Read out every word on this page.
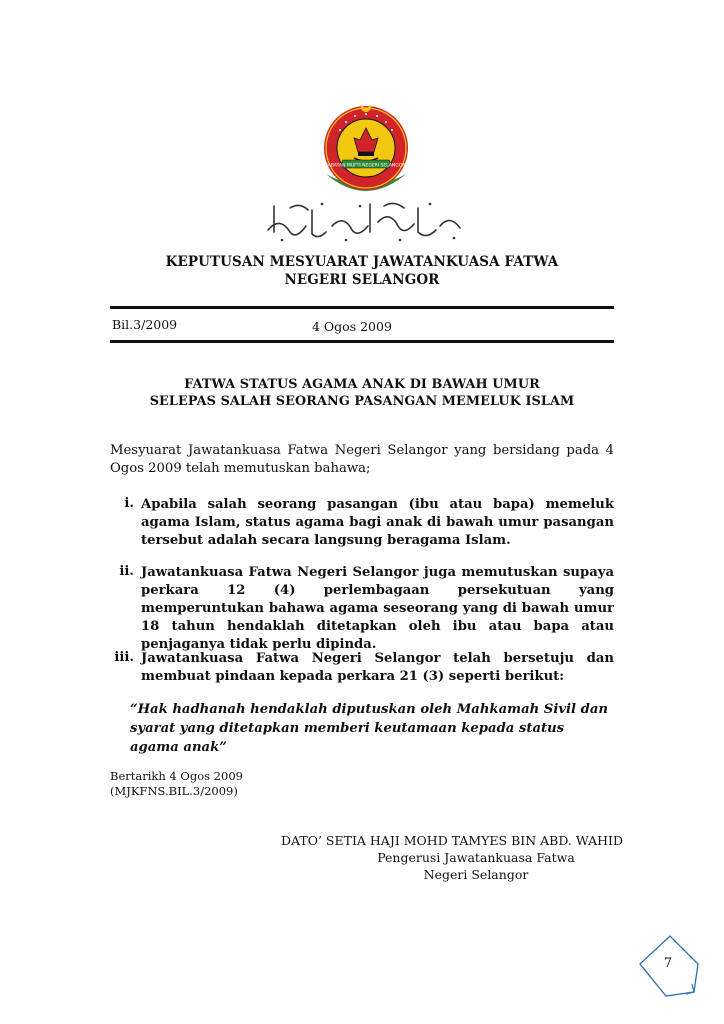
JABATAN MUFTI NEGERI SELANGOR
KEPUTUSAN MESYUARAT JAWATANKUASA FATWA
NEGERI SELANGOR
Bil.3/2009	4 Ogos 2009
FATWA STATUS AGAMA ANAK DI BAWAH UMUR
SELEPAS SALAH SEORANG PASANGAN MEMELUK ISLAM
Mesyuarat Jawatankuasa Fatwa Negeri Selangor yang bersidang pada 4 Ogos 2009 telah memutuskan bahawa;
i. Apabila salah seorang pasangan (ibu atau bapa) memeluk agama Islam, status agama bagi anak di bawah umur pasangan tersebut adalah secara langsung beragama Islam.
ii. Jawatankuasa Fatwa Negeri Selangor juga memutuskan supaya perkara 12 (4) perlembagaan persekutuan yang memperuntukan bahawa agama seseorang yang di bawah umur 18 tahun hendaklah ditetapkan oleh ibu atau bapa atau penjaganya tidak perlu dipinda.
iii. Jawatankuasa Fatwa Negeri Selangor telah bersetuju dan membuat pindaan kepada perkara 21 (3) seperti berikut:
“Hak hadhanah hendaklah diputuskan oleh Mahkamah Sivil dan syarat yang ditetapkan memberi keutamaan kepada status agama anak”
Bertarikh 4 Ogos 2009
(MJKFNS.BIL.3/2009)
DATO’ SETIA HAJI MOHD TAMYES BIN ABD. WAHID
Pengerusi Jawatankuasa Fatwa
Negeri Selangor
7
